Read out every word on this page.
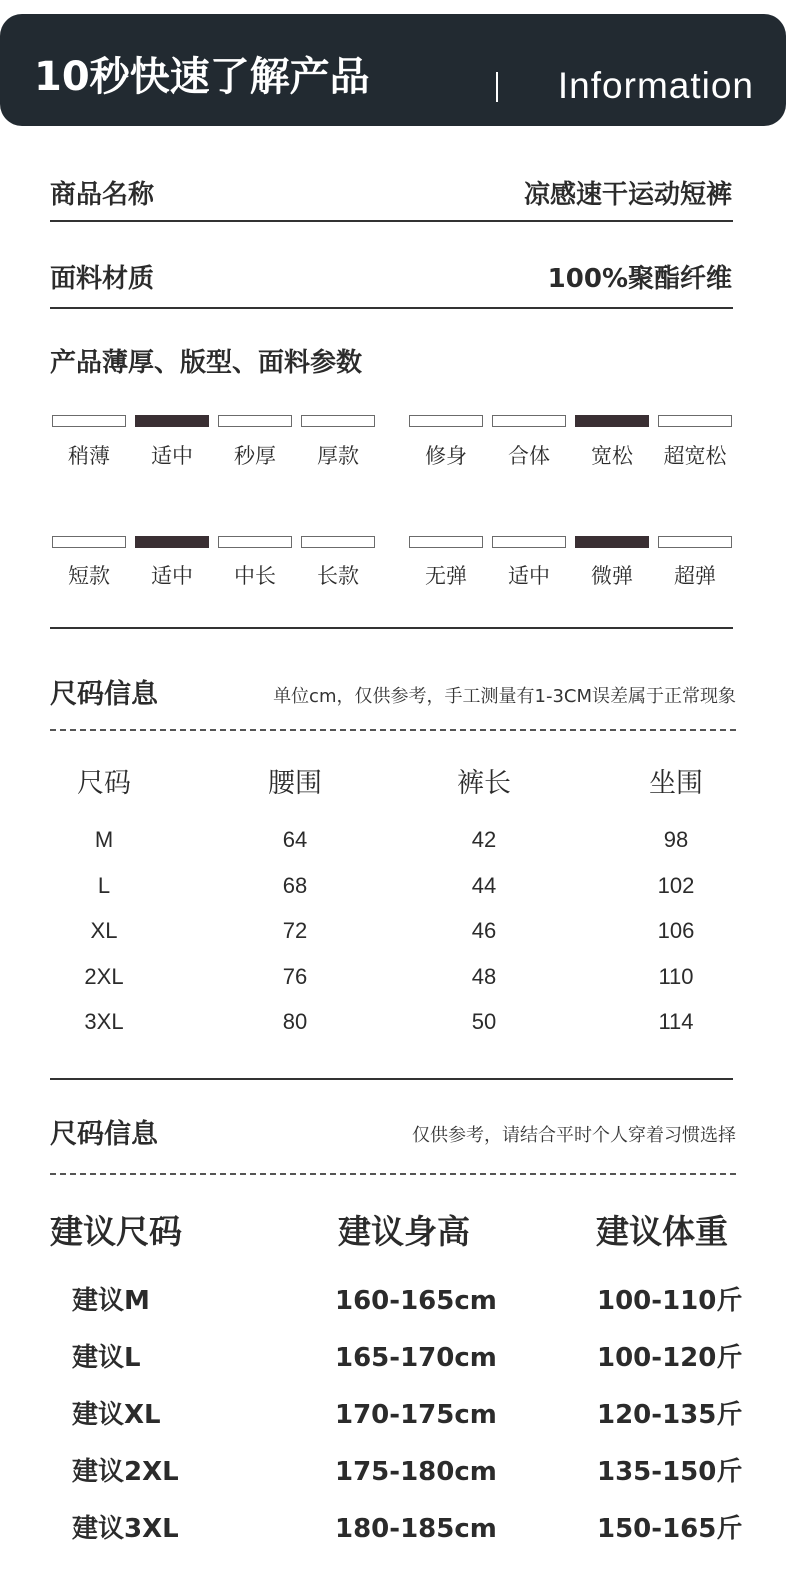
10秒快速了解产品	Information
商品名称	凉感速干运动短裤
面料材质	100%聚酯纤维
产品薄厚、版型、面料参数
稍薄	适中	秒厚	厚款	修身	合体	宽松	超宽松
短款	适中	中长	长款	无弹	适中	微弹	超弹
尺码信息	单位cm，仅供参考，手工测量有1-3CM误差属于正常现象
尺码	腰围	裤长	坐围
M	64	42	98
L	68	44	102
XL	72	46	106
2XL	76	48	110
3XL	80	50	114
尺码信息	仅供参考，请结合平时个人穿着习惯选择
建议尺码	建议身高	建议体重
建议M	160-165cm	100-110斤
建议L	165-170cm	100-120斤
建议XL	170-175cm	120-135斤
建议2XL	175-180cm	135-150斤
建议3XL	180-185cm	150-165斤
